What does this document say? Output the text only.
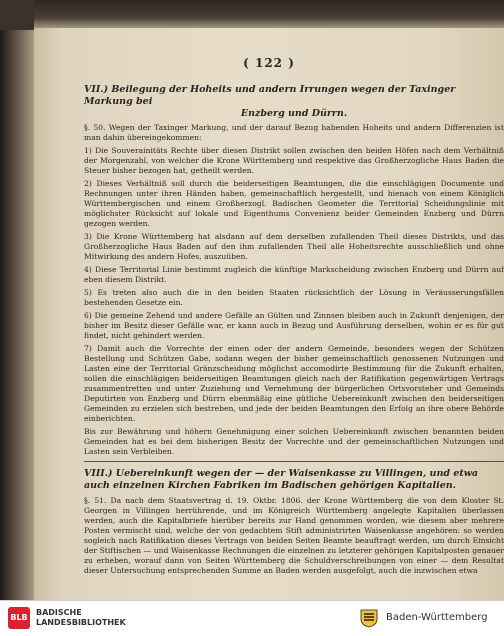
( 122 )

VII.) Beilegung der Hoheits und andern Irrungen wegen der Taxinger Markung bei

Enzberg und Dürrn.

§. 50. Wegen der Taxinger Markung, und der darauf Bezug habenden Hoheits und andern Differenzien ist man dahin übereingekommen:

1) Die Souverainitäts Rechte über diesen Distrikt sollen zwischen den beiden Höfen nach dem Verhältniß der Morgenzahl, von welcher die Krone Württemberg und respektive das Großherzogliche Haus Baden die Steuer bisher bezogen hat, getheilt werden.

2) Dieses Verhältniß soll durch die beiderseitigen Beamtungen, die die einschlägigen Documente und Rechnungen unter ihren Händen haben, gemeinschaftlich hergestellt, und hienach von einem Königlich Württembergischen und einem Großherzogl. Badischen Geometer die Territorial Scheidungslinie mit möglichster Rücksicht auf lokale und Eigenthums Convenienz beider Gemeinden Enzberg und Dürrn gezogen werden.

3) Die Krone Württemberg hat alsdann auf dem derselben zufallenden Theil dieses Distrikts, und das Großherzogliche Haus Baden auf den ihm zufallenden Theil alle Hoheitsrechte ausschließlich und ohne Mitwirkung des andern Hofes, auszuüben.

4) Diese Territorial Linie bestimmt zugleich die künftige Markscheidung zwischen Enzberg und Dürrn auf eben diesem Distrikt.

5) Es treten also auch die in den beiden Staaten rücksichtlich der Lösung in Veräusserungsfällen bestehenden Gesetze ein.

6) Die gemeine Zehend und andere Gefälle an Gülten und Zinnsen bleiben auch in Zukunft denjenigen, der bisher im Besitz dieser Gefälle war, er kann auch in Bezug und Ausführung derselben, wohin er es für gut findet, nicht gehindert werden.

7) Damit auch die Vorrechte der einen oder der andern Gemeinde, besonders wegen der Schützen Bestellung und Schützen Gabe, sodann wegen der bisher gemeinschaftlich genossenen Nutzungen und Lasten eine der Territorial Gränzscheidung möglichst accomodirte Bestimmung für die Zukunft erhalten, sollen die einschlägigen beiderseitigen Beamtungen gleich nach der Ratifikation gegenwärtigen Vertrags zusammentretten und unter Zuziehung und Vernehmung der bürgerlichen Ortsvorsteher und Gemeinds Deputirten von Enzberg und Dürrn ebenmäßig eine gütliche Uebereinkunft zwischen den beiderseitigen Gemeinden zu erzielen sich bestreben, und jede der beiden Beamtungen den Erfolg an ihre obere Behörde einberichten.

Bis zur Bewährung und höhern Genehmigung einer solchen Uebereinkunft zwischen benannten beiden Gemeinden hat es bei dem bisherigen Besitz der Vorrechte und der gemeinschaftlichen Nutzungen und Lasten sein Verbleiben.

VIII.) Uebereinkunft wegen der — der Waisenkasse zu Villingen, und etwa auch einzelnen Kirchen Fabriken im Badischen gehörigen Kapitalien.

§. 51. Da nach dem Staatsvertrag d. 19. Oktbr. 1806. der Krone Württemberg die von dem Kloster St. Georgen in Villingen herrührende, und im Königreich Württemberg angelegte Kapitalien überlassen werden, auch die Kapitalbriefe hierüber bereits zur Hand genommen worden, wie diesem aber mehrere Posten vermischt sind, welche der von gedachtem Stift administrirten Waisenkasse angehören: so werden sogleich nach Ratifikation dieses Vertrags von beiden Seiten Beamte beauftragt werden, um durch Einsicht der Stiftischen — und Waisenkasse Rechnungen die einzelnen zu letzterer gehörigen Kapitalposten genauer zu erheben, worauf dann von Seiten Württemberg die Schuldverschreibungen von einer — dem Resultat dieser Untersuchung entsprechenden Summe an Baden werden ausgefolgt, auch die inzwischen etwa

BLB
BADISCHE
LANDESBIBLIOTHEK	Baden-Württemberg
